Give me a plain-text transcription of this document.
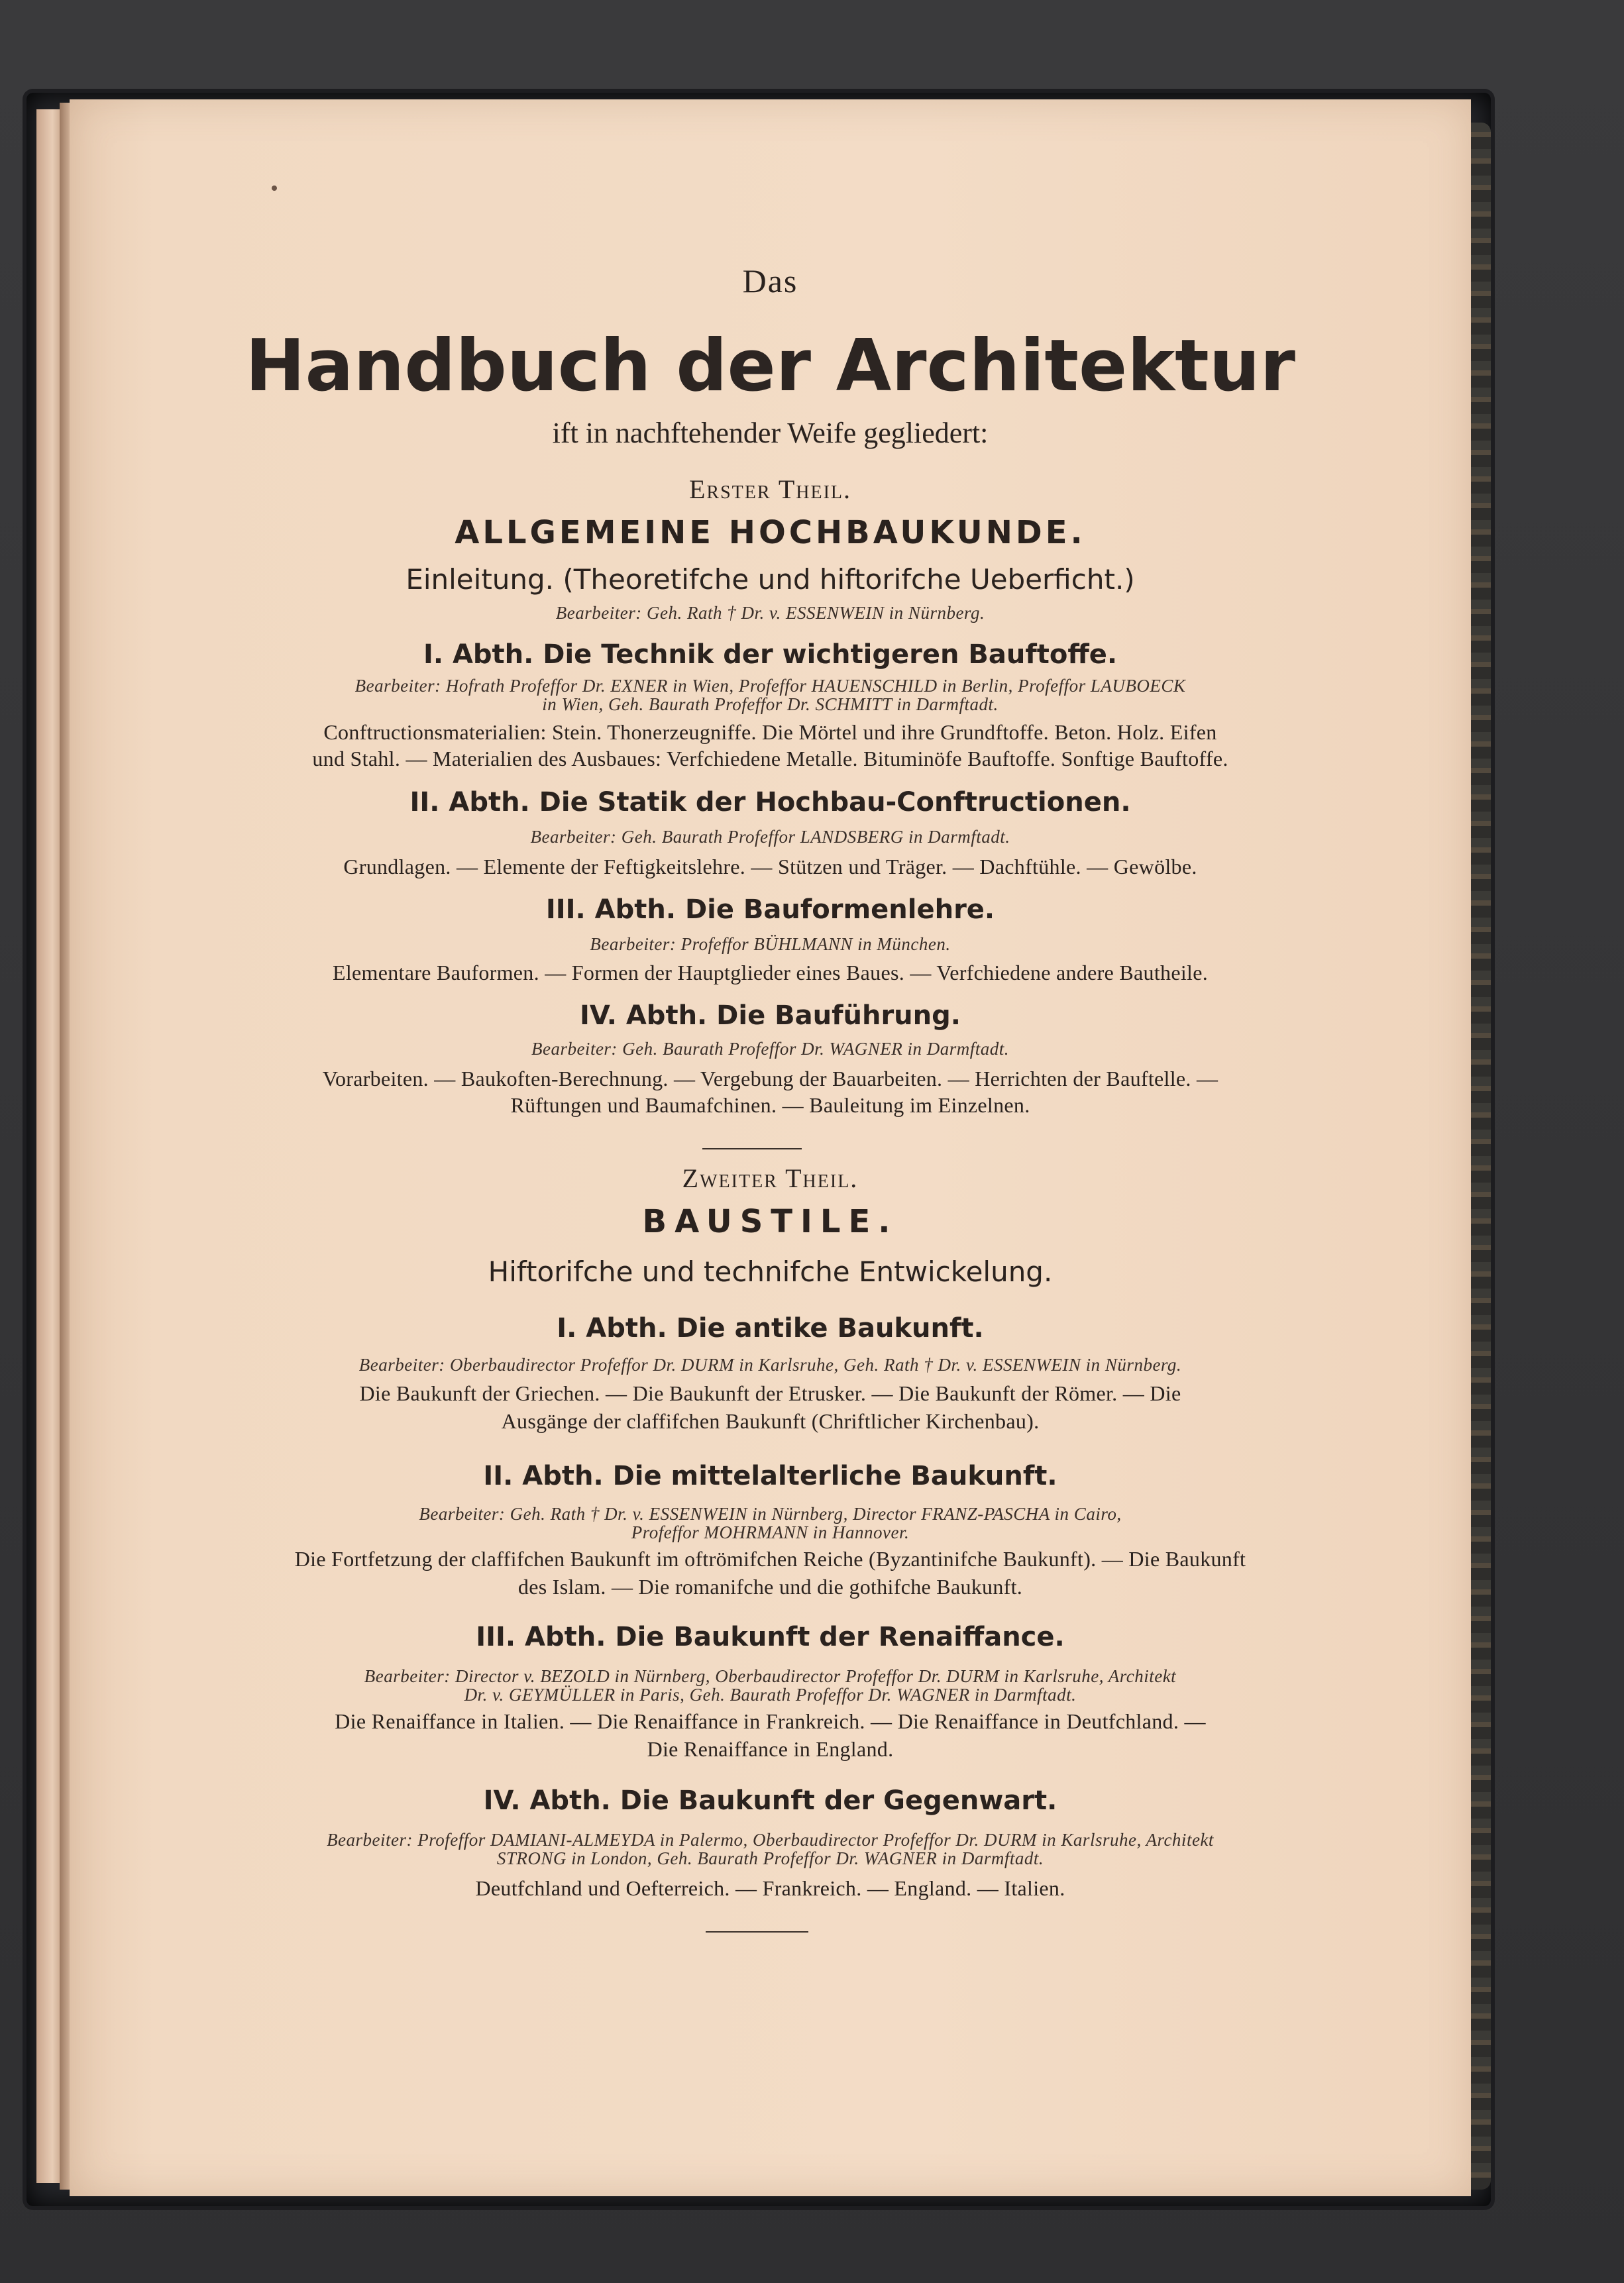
Das
Handbuch der Architektur
ift in nachftehender Weife gegliedert:
Erster Theil.
ALLGEMEINE HOCHBAUKUNDE.
Einleitung. (Theoretifche und hiftorifche Ueberficht.)
Bearbeiter: Geh. Rath † Dr. v. ESSENWEIN in Nürnberg.
I. Abth. Die Technik der wichtigeren Bauftoffe.
Bearbeiter: Hofrath Profeffor Dr. EXNER in Wien, Profeffor HAUENSCHILD in Berlin, Profeffor LAUBOECK
in Wien, Geh. Baurath Profeffor Dr. SCHMITT in Darmftadt.
Conftructionsmaterialien: Stein. Thonerzeugniffe. Die Mörtel und ihre Grundftoffe. Beton. Holz. Eifen
und Stahl. — Materialien des Ausbaues: Verfchiedene Metalle. Bituminöfe Bauftoffe. Sonftige Bauftoffe.
II. Abth. Die Statik der Hochbau-Conftructionen.
Bearbeiter: Geh. Baurath Profeffor LANDSBERG in Darmftadt.
Grundlagen. — Elemente der Feftigkeitslehre. — Stützen und Träger. — Dachftühle. — Gewölbe.
III. Abth. Die Bauformenlehre.
Bearbeiter: Profeffor BÜHLMANN in München.
Elementare Bauformen. — Formen der Hauptglieder eines Baues. — Verfchiedene andere Bautheile.
IV. Abth. Die Bauführung.
Bearbeiter: Geh. Baurath Profeffor Dr. WAGNER in Darmftadt.
Vorarbeiten. — Baukoften-Berechnung. — Vergebung der Bauarbeiten. — Herrichten der Bauftelle. —
Rüftungen und Baumafchinen. — Bauleitung im Einzelnen.
Zweiter Theil.
BAUSTILE.
Hiftorifche und technifche Entwickelung.
I. Abth. Die antike Baukunft.
Bearbeiter: Oberbaudirector Profeffor Dr. DURM in Karlsruhe, Geh. Rath † Dr. v. ESSENWEIN in Nürnberg.
Die Baukunft der Griechen. — Die Baukunft der Etrusker. — Die Baukunft der Römer. — Die
Ausgänge der claffifchen Baukunft (Chriftlicher Kirchenbau).
II. Abth. Die mittelalterliche Baukunft.
Bearbeiter: Geh. Rath † Dr. v. ESSENWEIN in Nürnberg, Director FRANZ-PASCHA in Cairo,
Profeffor MOHRMANN in Hannover.
Die Fortfetzung der claffifchen Baukunft im oftrömifchen Reiche (Byzantinifche Baukunft). — Die Baukunft
des Islam. — Die romanifche und die gothifche Baukunft.
III. Abth. Die Baukunft der Renaiffance.
Bearbeiter: Director v. BEZOLD in Nürnberg, Oberbaudirector Profeffor Dr. DURM in Karlsruhe, Architekt
Dr. v. GEYMÜLLER in Paris, Geh. Baurath Profeffor Dr. WAGNER in Darmftadt.
Die Renaiffance in Italien. — Die Renaiffance in Frankreich. — Die Renaiffance in Deutfchland. —
Die Renaiffance in England.
IV. Abth. Die Baukunft der Gegenwart.
Bearbeiter: Profeffor DAMIANI-ALMEYDA in Palermo, Oberbaudirector Profeffor Dr. DURM in Karlsruhe, Architekt
STRONG in London, Geh. Baurath Profeffor Dr. WAGNER in Darmftadt.
Deutfchland und Oefterreich. — Frankreich. — England. — Italien.
